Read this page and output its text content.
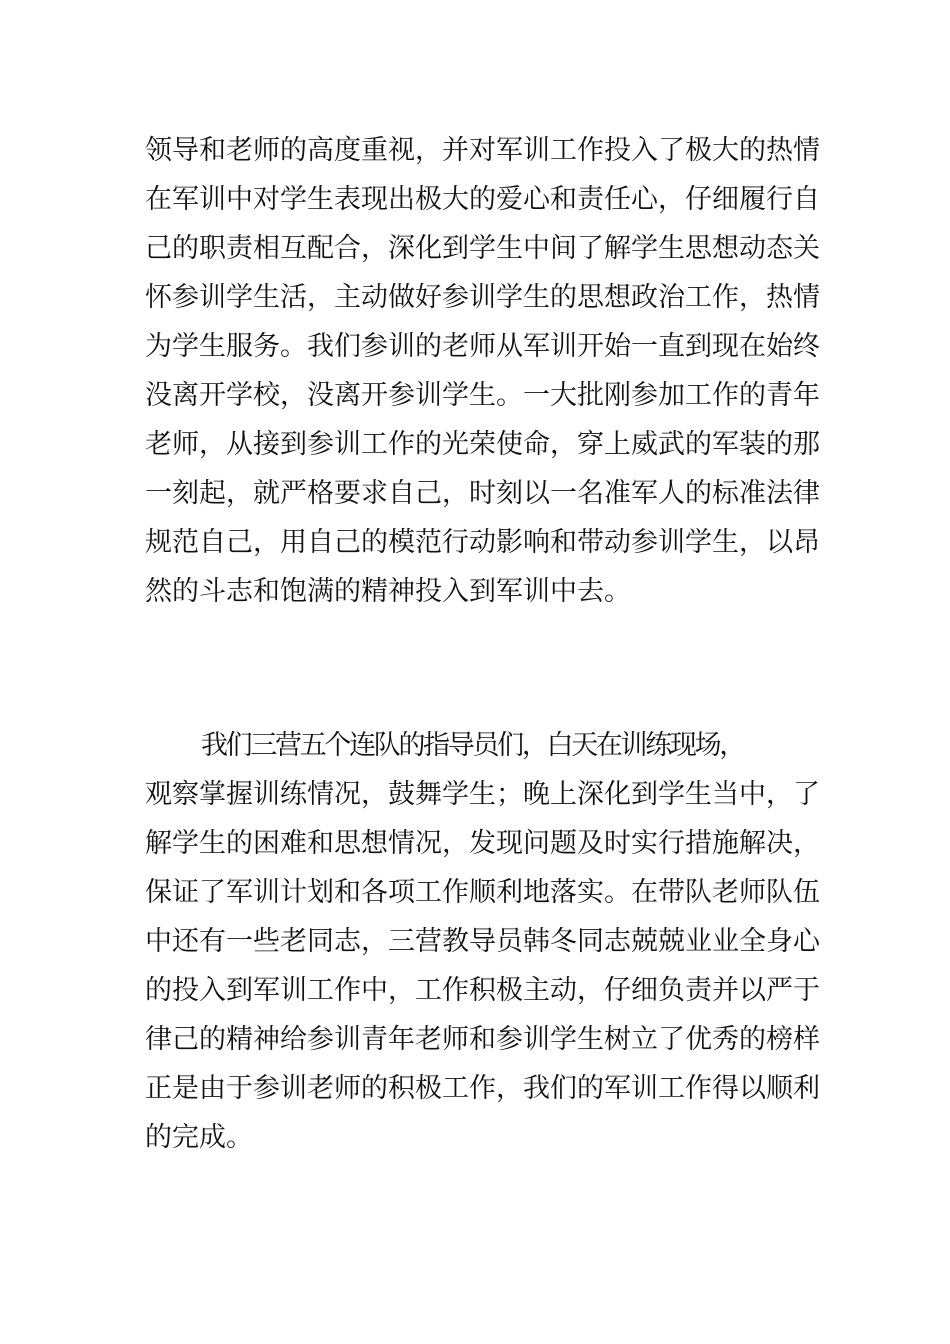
领导和老师的高度重视，并对军训工作投入了极大的热情
在军训中对学生表现出极大的爱心和责任心，仔细履行自
己的职责相互配合，深化到学生中间了解学生思想动态关
怀参训学生活，主动做好参训学生的思想政治工作，热情
为学生服务。我们参训的老师从军训开始一直到现在始终
没离开学校，没离开参训学生。一大批刚参加工作的青年
老师，从接到参训工作的光荣使命，穿上威武的军装的那
一刻起，就严格要求自己，时刻以一名准军人的标准法律
规范自己，用自己的模范行动影响和带动参训学生，以昂
然的斗志和饱满的精神投入到军训中去。
我们三营五个连队的指导员们，白天在训练现场，
观察掌握训练情况，鼓舞学生；晚上深化到学生当中，了
解学生的困难和思想情况，发现问题及时实行措施解决，
保证了军训计划和各项工作顺利地落实。在带队老师队伍
中还有一些老同志，三营教导员韩冬同志兢兢业业全身心
的投入到军训工作中，工作积极主动，仔细负责并以严于
律己的精神给参训青年老师和参训学生树立了优秀的榜样
正是由于参训老师的积极工作，我们的军训工作得以顺利
的完成。
